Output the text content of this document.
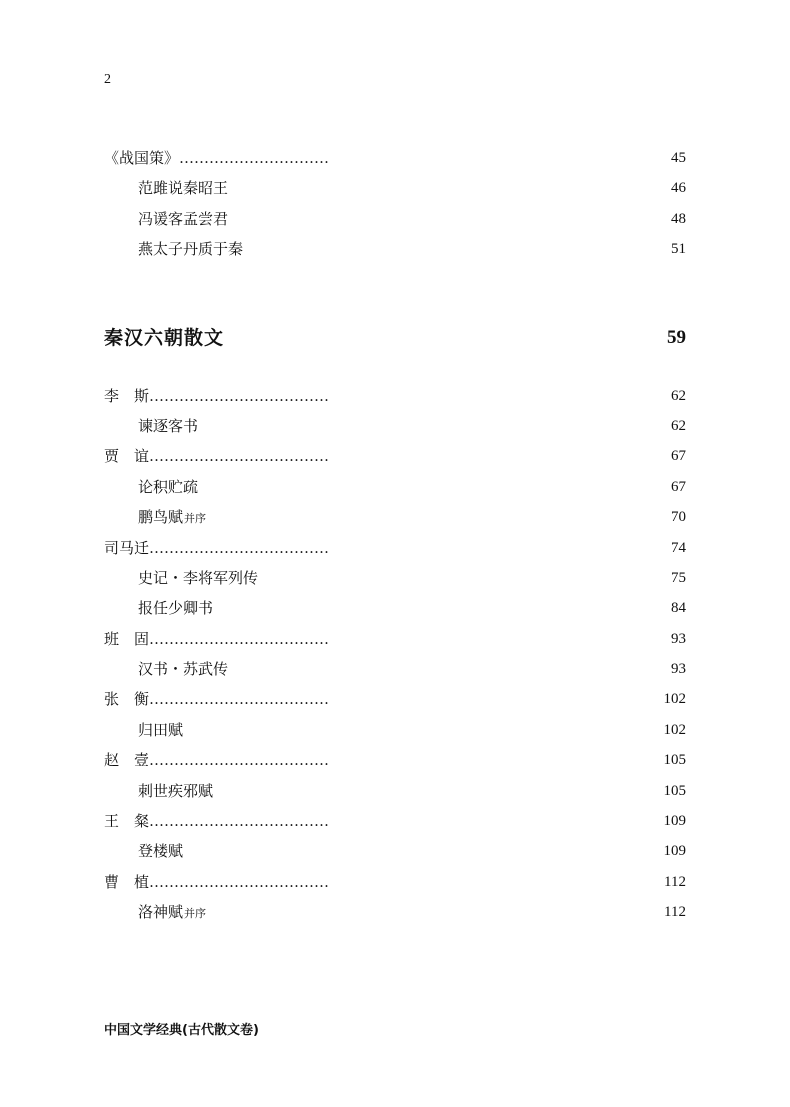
2
《战国策》…………………………	45
范雎说秦昭王	46
冯谖客孟尝君	48
燕太子丹质于秦	51
秦汉六朝散文	59
李　斯………………………………	62
谏逐客书	62
贾　谊………………………………	67
论积贮疏	67
鹏鸟赋并序	70
司马迁………………………………	74
史记・李将军列传	75
报任少卿书	84
班　固………………………………	93
汉书・苏武传	93
张　衡………………………………	102
归田赋	102
赵　壹………………………………	105
刺世疾邪赋	105
王　粲………………………………	109
登楼赋	109
曹　植………………………………	112
洛神赋并序	112
中国文学经典(古代散文卷)
